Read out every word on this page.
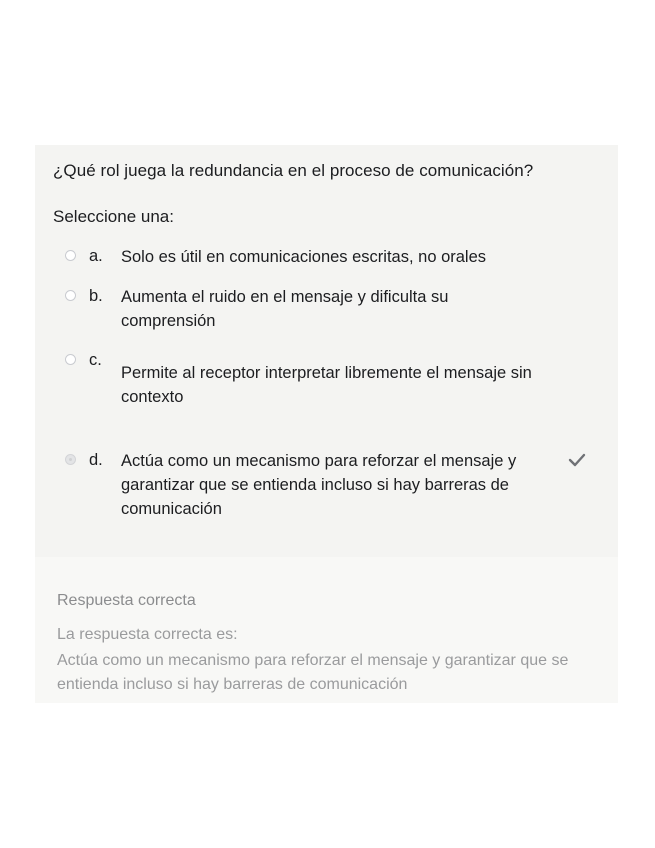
¿Qué rol juega la redundancia en el proceso de comunicación?
Seleccione una:
a. Solo es útil en comunicaciones escritas, no orales
b. Aumenta el ruido en el mensaje y dificulta su comprensión
c.
Permite al receptor interpretar libremente el mensaje sin contexto
d. Actúa como un mecanismo para reforzar el mensaje y garantizar que se entienda incluso si hay barreras de comunicación
Respuesta correcta
La respuesta correcta es:
Actúa como un mecanismo para reforzar el mensaje y garantizar que se entienda incluso si hay barreras de comunicación
